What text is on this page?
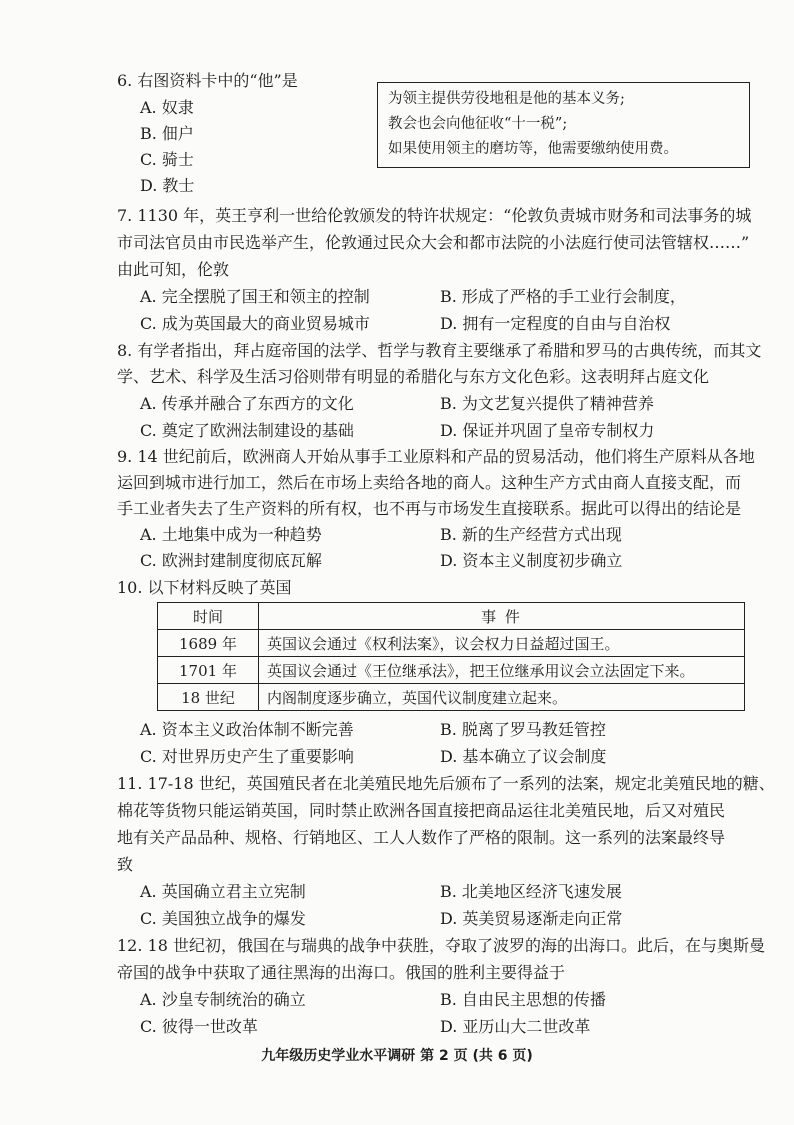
6. 右图资料卡中的“他”是
A. 奴隶
B. 佃户
C. 骑士
D. 教士
为领主提供劳役地租是他的基本义务;
教会也会向他征收“十一税”;
如果使用领主的磨坊等，他需要缴纳使用费。
7. 1130 年，英王亨利一世给伦敦颁发的特许状规定：“伦敦负责城市财务和司法事务的城
市司法官员由市民选举产生，伦敦通过民众大会和都市法院的小法庭行使司法管辖权……”
由此可知，伦敦
A. 完全摆脱了国王和领主的控制	B. 形成了严格的手工业行会制度，
C. 成为英国最大的商业贸易城市	D. 拥有一定程度的自由与自治权
8. 有学者指出，拜占庭帝国的法学、哲学与教育主要继承了希腊和罗马的古典传统，而其文
学、艺术、科学及生活习俗则带有明显的希腊化与东方文化色彩。这表明拜占庭文化
A. 传承并融合了东西方的文化	B. 为文艺复兴提供了精神营养
C. 奠定了欧洲法制建设的基础	D. 保证并巩固了皇帝专制权力
9. 14 世纪前后，欧洲商人开始从事手工业原料和产品的贸易活动，他们将生产原料从各地
运回到城市进行加工，然后在市场上卖给各地的商人。这种生产方式由商人直接支配，而
手工业者失去了生产资料的所有权，也不再与市场发生直接联系。据此可以得出的结论是
A. 土地集中成为一种趋势	B. 新的生产经营方式出现
C. 欧洲封建制度彻底瓦解	D. 资本主义制度初步确立
10. 以下材料反映了英国
时间	事 件
1689 年	英国议会通过《权利法案》，议会权力日益超过国王。
1701 年	英国议会通过《王位继承法》，把王位继承用议会立法固定下来。
18 世纪	内阁制度逐步确立，英国代议制度建立起来。
A. 资本主义政治体制不断完善	B. 脱离了罗马教廷管控
C. 对世界历史产生了重要影响	D. 基本确立了议会制度
11. 17-18 世纪，英国殖民者在北美殖民地先后颁布了一系列的法案，规定北美殖民地的糖、
棉花等货物只能运销英国，同时禁止欧洲各国直接把商品运往北美殖民地，后又对殖民
地有关产品品种、规格、行销地区、工人人数作了严格的限制。这一系列的法案最终导
致
A. 英国确立君主立宪制	B. 北美地区经济飞速发展
C. 美国独立战争的爆发	D. 英美贸易逐渐走向正常
12. 18 世纪初，俄国在与瑞典的战争中获胜，夺取了波罗的海的出海口。此后，在与奥斯曼
帝国的战争中获取了通往黑海的出海口。俄国的胜利主要得益于
A. 沙皇专制统治的确立	B. 自由民主思想的传播
C. 彼得一世改革	D. 亚历山大二世改革
九年级历史学业水平调研 第 2 页 (共 6 页)
